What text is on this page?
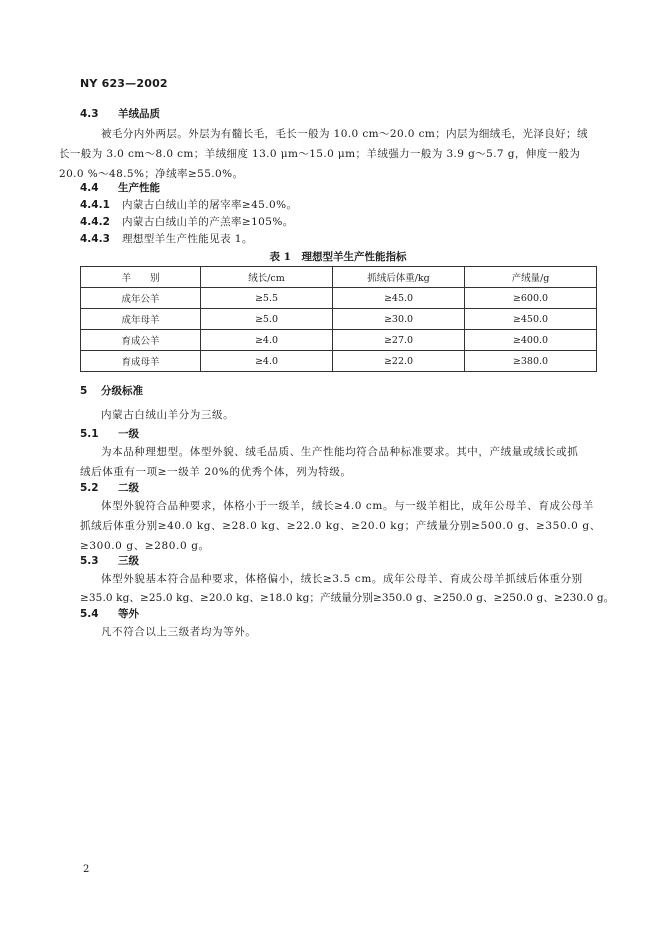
NY 623—2002
4.3 羊绒品质
被毛分内外两层。外层为有髓长毛，毛长一般为 10.0 cm～20.0 cm；内层为细绒毛，光泽良好；绒
长一般为 3.0 cm～8.0 cm；羊绒细度 13.0 μm～15.0 μm；羊绒强力一般为 3.9 g～5.7 g，伸度一般为
20.0 %～48.5%；净绒率≥55.0%。
4.4 生产性能
4.4.1 内蒙古白绒山羊的屠宰率≥45.0%。
4.4.2 内蒙古白绒山羊的产羔率≥105%。
4.4.3 理想型羊生产性能见表 1。
表 1　理想型羊生产性能指标
羊　　别	绒长/cm	抓绒后体重/kg	产绒量/g
成年公羊	≥5.5	≥45.0	≥600.0
成年母羊	≥5.0	≥30.0	≥450.0
育成公羊	≥4.0	≥27.0	≥400.0
育成母羊	≥4.0	≥22.0	≥380.0
5 分级标准
内蒙古白绒山羊分为三级。
5.1 一级
为本品种理想型。体型外貌、绒毛品质、生产性能均符合品种标准要求。其中，产绒量或绒长或抓
绒后体重有一项≥一级羊 20%的优秀个体，列为特级。
5.2 二级
体型外貌符合品种要求，体格小于一级羊，绒长≥4.0 cm。与一级羊相比，成年公母羊、育成公母羊
抓绒后体重分别≥40.0 kg、≥28.0 kg、≥22.0 kg、≥20.0 kg；产绒量分别≥500.0 g、≥350.0 g、
≥300.0 g、≥280.0 g。
5.3 三级
体型外貌基本符合品种要求，体格偏小，绒长≥3.5 cm。成年公母羊、育成公母羊抓绒后体重分别
≥35.0 kg、≥25.0 kg、≥20.0 kg、≥18.0 kg；产绒量分别≥350.0 g、≥250.0 g、≥250.0 g、≥230.0 g。
5.4 等外
凡不符合以上三级者均为等外。
2
